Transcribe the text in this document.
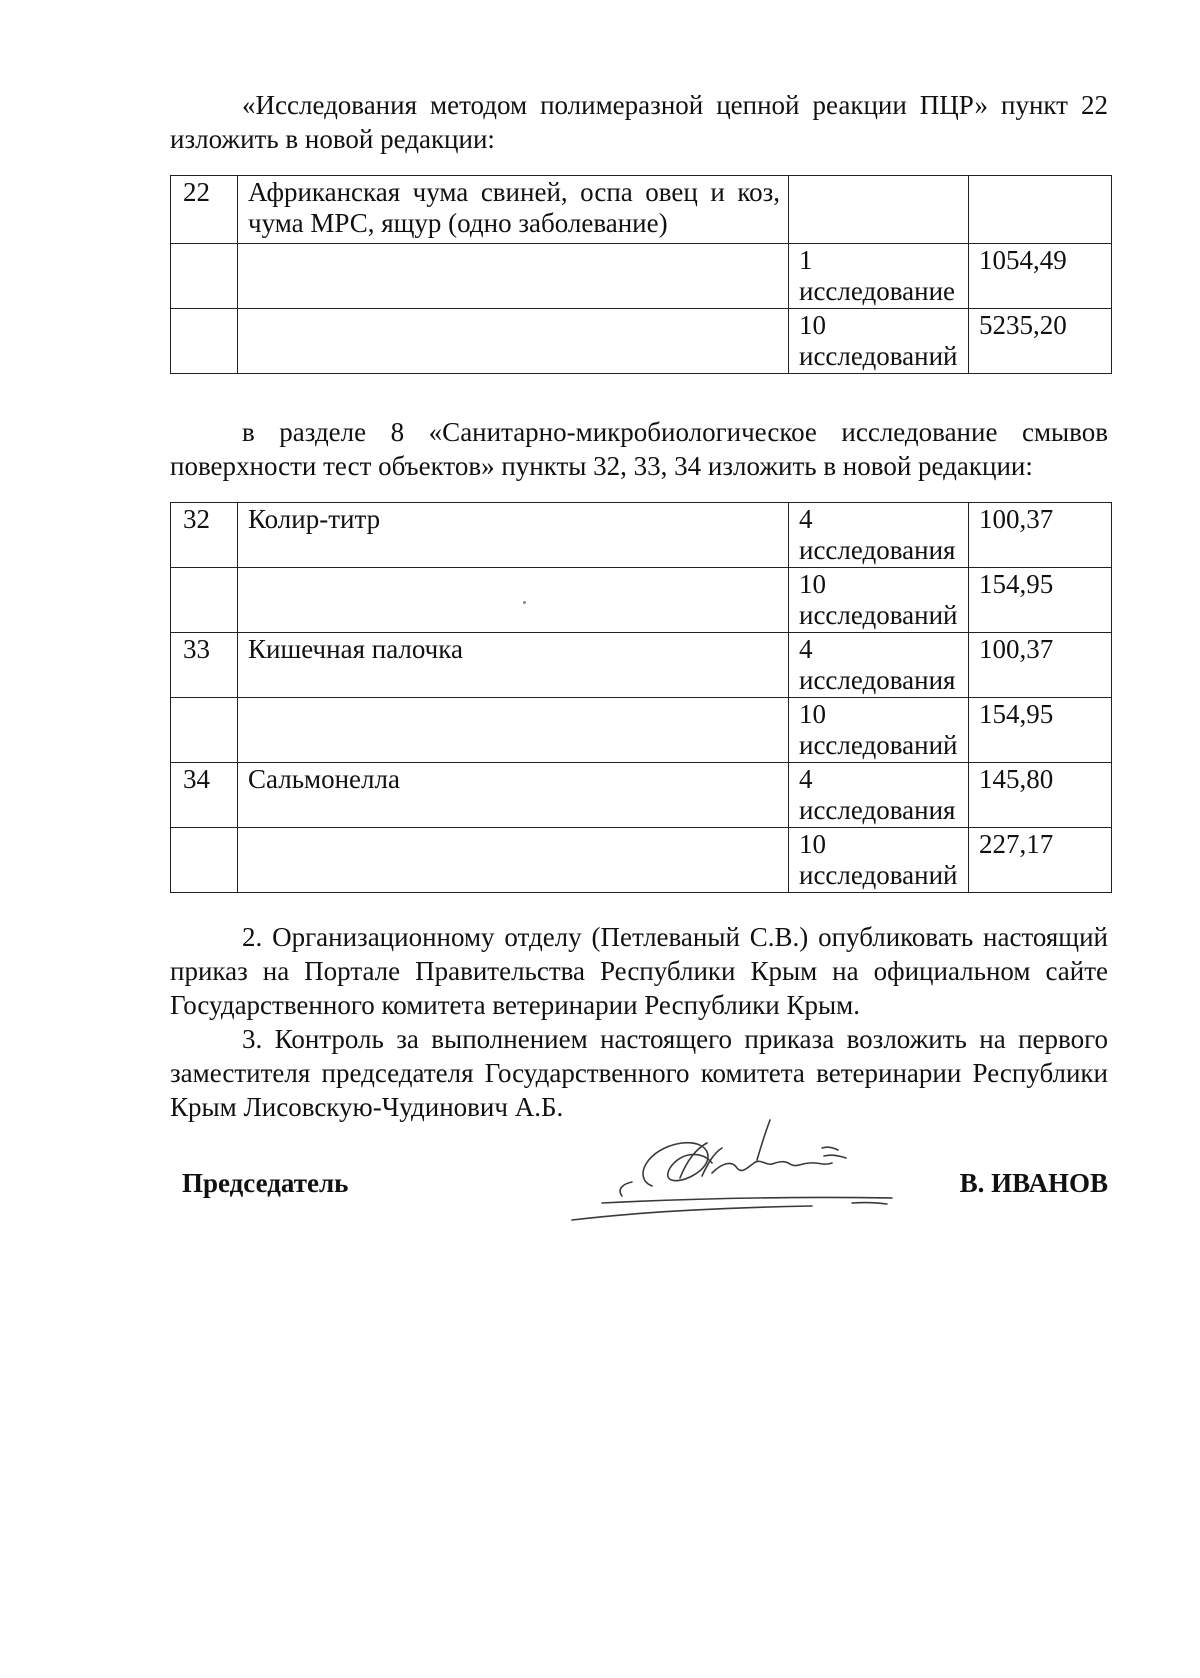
«Исследования методом полимеразной цепной реакции ПЦР» пункт 22 изложить в новой редакции:

22	Африканская чума свиней, оспа овец и коз, чума МРС, ящур (одно заболевание)		
		1 исследование	1054,49
		10 исследований	5235,20

в разделе 8 «Санитарно-микробиологическое исследование смывов поверхности тест объектов» пункты 32, 33, 34 изложить в новой редакции:

32	Колир-титр	4 исследования	100,37
		10 исследований	154,95
33	Кишечная палочка	4 исследования	100,37
		10 исследований	154,95
34	Сальмонелла	4 исследования	145,80
		10 исследований	227,17

2. Организационному отделу (Петлеваный С.В.) опубликовать настоящий приказ на Портале Правительства Республики Крым на официальном сайте Государственного комитета ветеринарии Республики Крым.

3. Контроль за выполнением настоящего приказа возложить на первого заместителя председателя Государственного комитета ветеринарии Республики Крым Лисовскую-Чудинович А.Б.

Председатель	В. ИВАНОВ
